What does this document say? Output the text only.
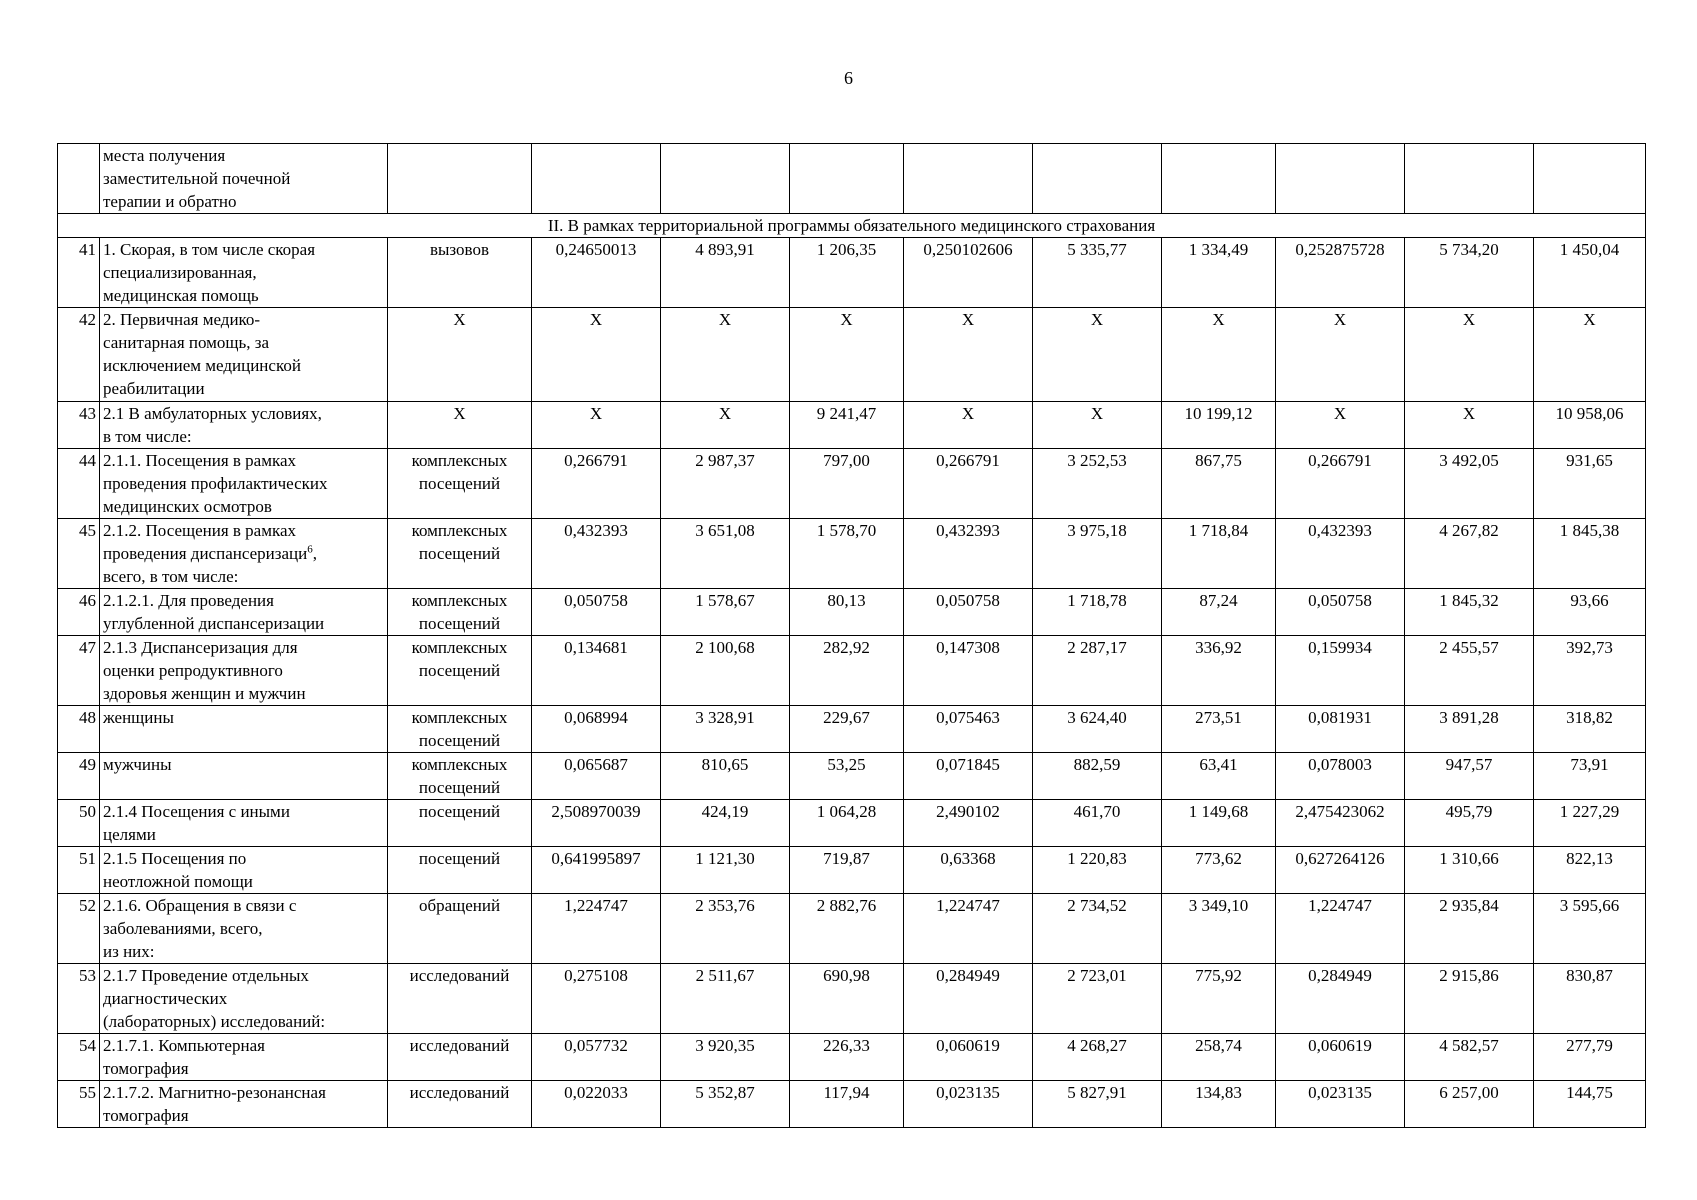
6

	места получения
заместительной почечной
терапии и обратно										

II. В рамках территориальной программы обязательного медицинского страхования											
41	1. Скорая, в том числе скорая
специализированная,
медицинская помощь	вызовов	0,24650013	4 893,91	1 206,35	0,250102606	5 335,77	1 334,49	0,252875728	5 734,20	1 450,04
42	2. Первичная медико-
санитарная помощь, за
исключением медицинской
реабилитации	Х	Х	Х	Х	Х	Х	Х	Х	Х	Х
43	2.1 В амбулаторных условиях,
в том числе:	Х	Х	Х	9 241,47	Х	Х	10 199,12	Х	Х	10 958,06
44	2.1.1. Посещения в рамках
проведения профилактических
медицинских осмотров	комплексных
посещений	0,266791	2 987,37	797,00	0,266791	3 252,53	867,75	0,266791	3 492,05	931,65
45	2.1.2. Посещения в рамках
проведения диспансеризаци$^6$,
всего, в том числе:	комплексных
посещений	0,432393	3 651,08	1 578,70	0,432393	3 975,18	1 718,84	0,432393	4 267,82	1 845,38
46	2.1.2.1. Для проведения
углубленной диспансеризации	комплексных
посещений	0,050758	1 578,67	80,13	0,050758	1 718,78	87,24	0,050758	1 845,32	93,66
47	2.1.3 Диспансеризация для
оценки репродуктивного
здоровья женщин и мужчин	комплексных
посещений	0,134681	2 100,68	282,92	0,147308	2 287,17	336,92	0,159934	2 455,57	392,73
48	женщины	комплексных
посещений	0,068994	3 328,91	229,67	0,075463	3 624,40	273,51	0,081931	3 891,28	318,82
49	мужчины	комплексных
посещений	0,065687	810,65	53,25	0,071845	882,59	63,41	0,078003	947,57	73,91
50	2.1.4 Посещения с иными
целями	посещений	2,508970039	424,19	1 064,28	2,490102	461,70	1 149,68	2,475423062	495,79	1 227,29
51	2.1.5 Посещения по
неотложной помощи	посещений	0,641995897	1 121,30	719,87	0,63368	1 220,83	773,62	0,627264126	1 310,66	822,13
52	2.1.6. Обращения в связи с
заболеваниями, всего,
из них:	обращений	1,224747	2 353,76	2 882,76	1,224747	2 734,52	3 349,10	1,224747	2 935,84	3 595,66
53	2.1.7 Проведение отдельных
диагностических
(лабораторных) исследований:	исследований	0,275108	2 511,67	690,98	0,284949	2 723,01	775,92	0,284949	2 915,86	830,87
54	2.1.7.1. Компьютерная
томография	исследований	0,057732	3 920,35	226,33	0,060619	4 268,27	258,74	0,060619	4 582,57	277,79
55	2.1.7.2. Магнитно-резонансная
томография	исследований	0,022033	5 352,87	117,94	0,023135	5 827,91	134,83	0,023135	6 257,00	144,75
